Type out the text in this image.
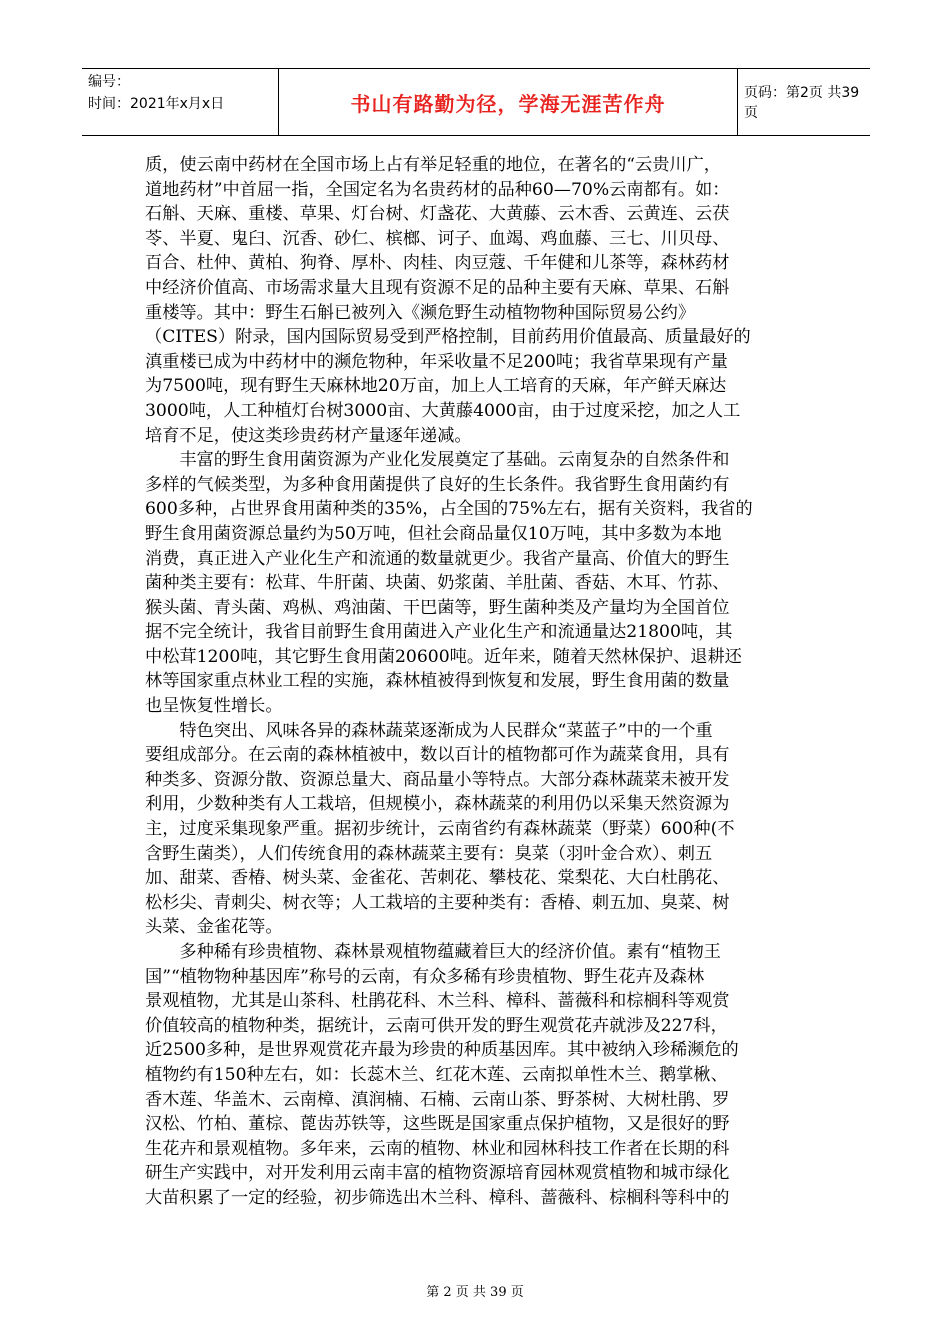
编号：
时间：2021年x月x日	书山有路勤为径，学海无涯苦作舟	页码：第2页 共39页
质，使云南中药材在全国市场上占有举足轻重的地位，在著名的“云贵川广，
道地药材”中首屈一指，全国定名为名贵药材的品种60—70%云南都有。如：
石斛、天麻、重楼、草果、灯台树、灯盏花、大黄藤、云木香、云黄连、云茯
苓、半夏、鬼臼、沉香、砂仁、槟榔、诃子、血竭、鸡血藤、三七、川贝母、
百合、杜仲、黄柏、狗脊、厚朴、肉桂、肉豆蔻、千年健和儿茶等，森林药材
中经济价值高、市场需求量大且现有资源不足的品种主要有天麻、草果、石斛
重楼等。其中：野生石斛已被列入《濒危野生动植物物种国际贸易公约》
（CITES）附录，国内国际贸易受到严格控制，目前药用价值最高、质量最好的
滇重楼已成为中药材中的濒危物种，年采收量不足200吨；我省草果现有产量
为7500吨，现有野生天麻林地20万亩，加上人工培育的天麻，年产鲜天麻达
3000吨，人工种植灯台树3000亩、大黄藤4000亩，由于过度采挖，加之人工
培育不足，使这类珍贵药材产量逐年递减。
　　丰富的野生食用菌资源为产业化发展奠定了基础。云南复杂的自然条件和
多样的气候类型，为多种食用菌提供了良好的生长条件。我省野生食用菌约有
600多种，占世界食用菌种类的35%，占全国的75%左右，据有关资料，我省的
野生食用菌资源总量约为50万吨，但社会商品量仅10万吨，其中多数为本地
消费，真正进入产业化生产和流通的数量就更少。我省产量高、价值大的野生
菌种类主要有：松茸、牛肝菌、块菌、奶浆菌、羊肚菌、香菇、木耳、竹荪、
猴头菌、青头菌、鸡枞、鸡油菌、干巴菌等，野生菌种类及产量均为全国首位
据不完全统计，我省目前野生食用菌进入产业化生产和流通量达21800吨，其
中松茸1200吨，其它野生食用菌20600吨。近年来，随着天然林保护、退耕还
林等国家重点林业工程的实施，森林植被得到恢复和发展，野生食用菌的数量
也呈恢复性增长。
　　特色突出、风味各异的森林蔬菜逐渐成为人民群众“菜蓝子”中的一个重
要组成部分。在云南的森林植被中，数以百计的植物都可作为蔬菜食用，具有
种类多、资源分散、资源总量大、商品量小等特点。大部分森林蔬菜未被开发
利用，少数种类有人工栽培，但规模小，森林蔬菜的利用仍以采集天然资源为
主，过度采集现象严重。据初步统计，云南省约有森林蔬菜（野菜）600种(不
含野生菌类），人们传统食用的森林蔬菜主要有：臭菜（羽叶金合欢）、刺五
加、甜菜、香椿、树头菜、金雀花、苦刺花、攀枝花、棠梨花、大白杜鹃花、
松杉尖、青刺尖、树衣等；人工栽培的主要种类有：香椿、刺五加、臭菜、树
头菜、金雀花等。
　　多种稀有珍贵植物、森林景观植物蕴藏着巨大的经济价值。素有“植物王
国”“植物物种基因库”称号的云南，有众多稀有珍贵植物、野生花卉及森林
景观植物，尤其是山茶科、杜鹃花科、木兰科、樟科、蔷薇科和棕榈科等观赏
价值较高的植物种类，据统计，云南可供开发的野生观赏花卉就涉及227科，
近2500多种，是世界观赏花卉最为珍贵的种质基因库。其中被纳入珍稀濒危的
植物约有150种左右，如：长蕊木兰、红花木莲、云南拟单性木兰、鹅掌楸、
香木莲、华盖木、云南樟、滇润楠、石楠、云南山茶、野茶树、大树杜鹃、罗
汉松、竹柏、董棕、蓖齿苏铁等，这些既是国家重点保护植物，又是很好的野
生花卉和景观植物。多年来，云南的植物、林业和园林科技工作者在长期的科
研生产实践中，对开发利用云南丰富的植物资源培育园林观赏植物和城市绿化
大苗积累了一定的经验，初步筛选出木兰科、樟科、蔷薇科、棕榈科等科中的
第 2 页 共 39 页
